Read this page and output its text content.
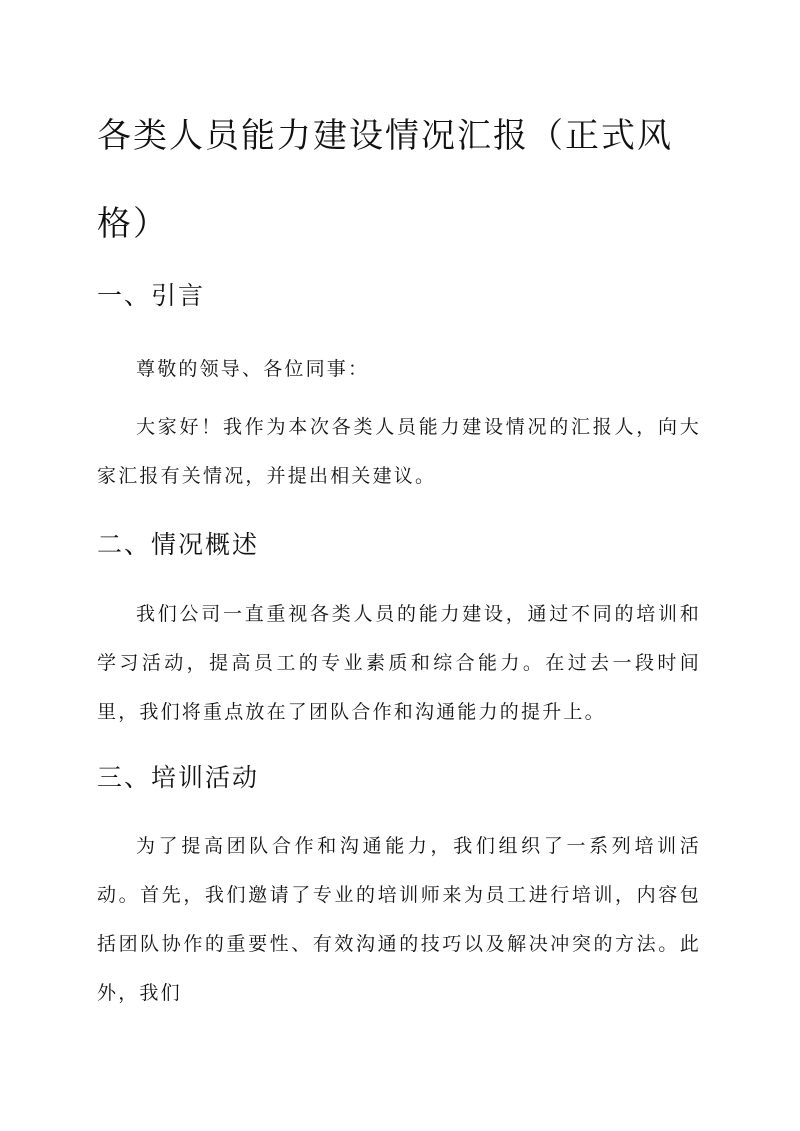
各类人员能力建设情况汇报（正式风格）
一、引言

尊敬的领导、各位同事：

大家好！我作为本次各类人员能力建设情况的汇报人，向大家汇报有关情况，并提出相关建议。

二、情况概述

我们公司一直重视各类人员的能力建设，通过不同的培训和学习活动，提高员工的专业素质和综合能力。在过去一段时间里，我们将重点放在了团队合作和沟通能力的提升上。

三、培训活动

为了提高团队合作和沟通能力，我们组织了一系列培训活动。首先，我们邀请了专业的培训师来为员工进行培训，内容包括团队协作的重要性、有效沟通的技巧以及解决冲突的方法。此外，我们
